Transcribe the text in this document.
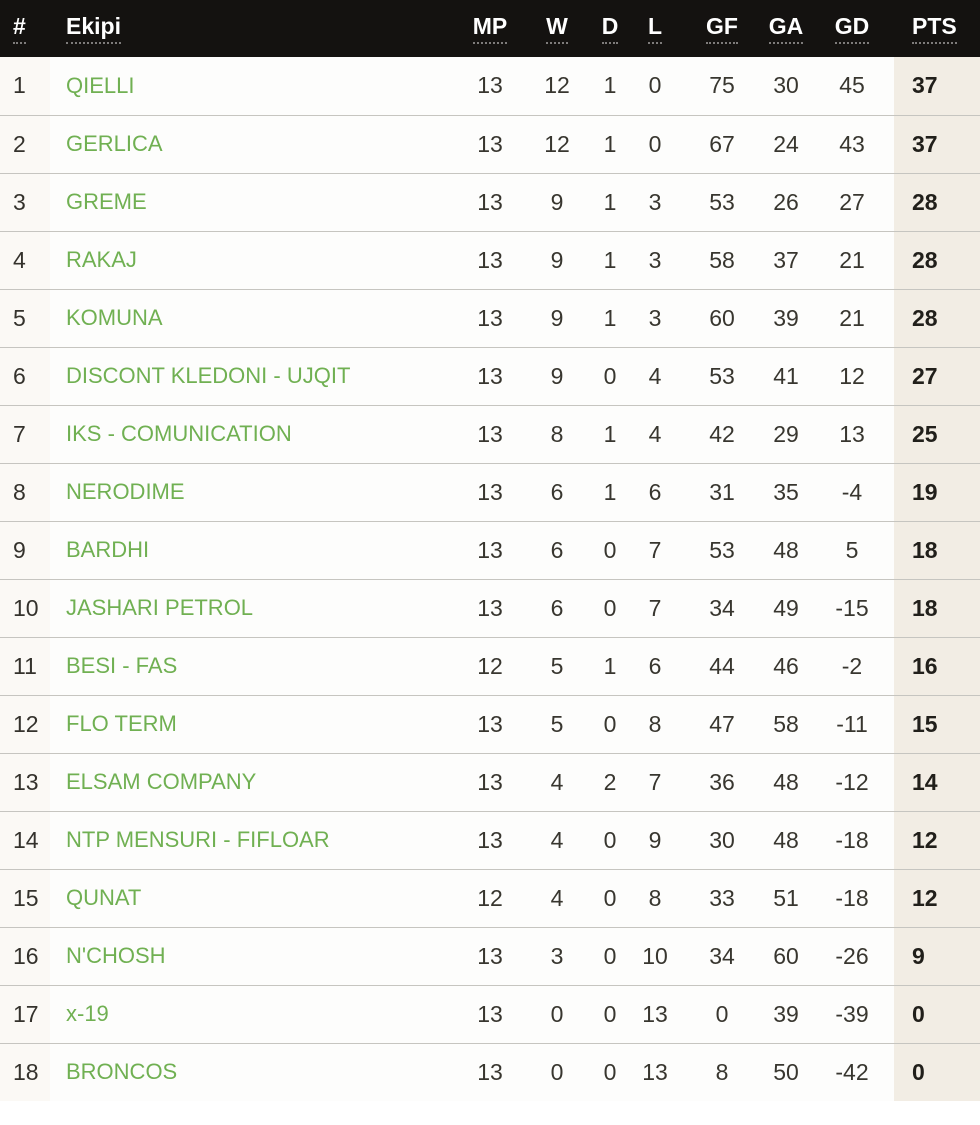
#	Ekipi	MP	W	D	L	GF	GA	GD	PTS
1	QIELLI	13	12	1	0	75	30	45	37
2	GERLICA	13	12	1	0	67	24	43	37
3	GREME	13	9	1	3	53	26	27	28
4	RAKAJ	13	9	1	3	58	37	21	28
5	KOMUNA	13	9	1	3	60	39	21	28
6	DISCONT KLEDONI - UJQIT	13	9	0	4	53	41	12	27
7	IKS - COMUNICATION	13	8	1	4	42	29	13	25
8	NERODIME	13	6	1	6	31	35	-4	19
9	BARDHI	13	6	0	7	53	48	5	18
10	JASHARI PETROL	13	6	0	7	34	49	-15	18
11	BESI - FAS	12	5	1	6	44	46	-2	16
12	FLO TERM	13	5	0	8	47	58	-11	15
13	ELSAM COMPANY	13	4	2	7	36	48	-12	14
14	NTP MENSURI - FIFLOAR	13	4	0	9	30	48	-18	12
15	QUNAT	12	4	0	8	33	51	-18	12
16	N'CHOSH	13	3	0	10	34	60	-26	9
17	x-19	13	0	0	13	0	39	-39	0
18	BRONCOS	13	0	0	13	8	50	-42	0
